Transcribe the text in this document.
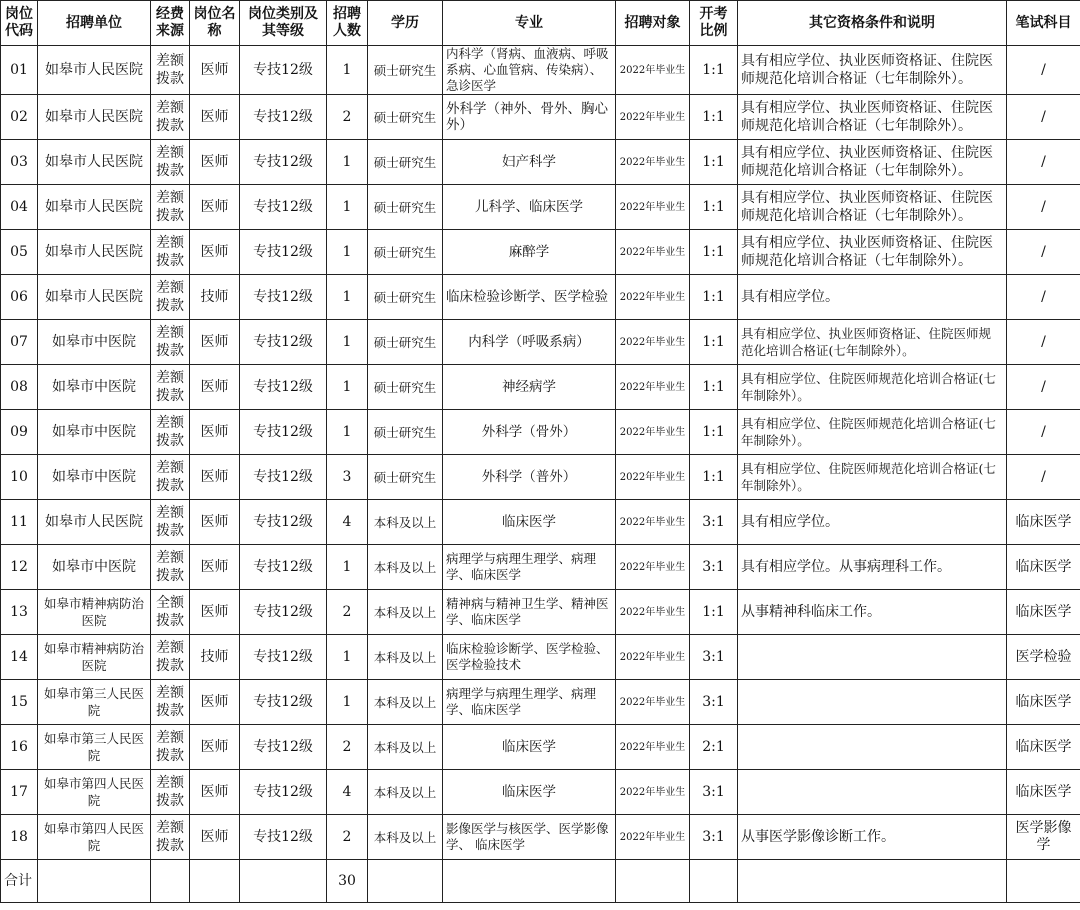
岗位代码	招聘单位	经费来源	岗位名称	岗位类别及其等级	招聘人数	学历	专业	招聘对象	开考比例	其它资格条件和说明	笔试科目
01	如皋市人民医院	差额拨款	医师	专技12级	1	硕士研究生	内科学（肾病、血液病、呼吸系病、心血管病、传染病）、急诊医学	2022年毕业生	1:1	具有相应学位、执业医师资格证、住院医师规范化培训合格证（七年制除外）。	/
02	如皋市人民医院	差额拨款	医师	专技12级	2	硕士研究生	外科学（神外、骨外、胸心外）	2022年毕业生	1:1	具有相应学位、执业医师资格证、住院医师规范化培训合格证（七年制除外）。	/
03	如皋市人民医院	差额拨款	医师	专技12级	1	硕士研究生	妇产科学	2022年毕业生	1:1	具有相应学位、执业医师资格证、住院医师规范化培训合格证（七年制除外）。	/
04	如皋市人民医院	差额拨款	医师	专技12级	1	硕士研究生	儿科学、临床医学	2022年毕业生	1:1	具有相应学位、执业医师资格证、住院医师规范化培训合格证（七年制除外）。	/
05	如皋市人民医院	差额拨款	医师	专技12级	1	硕士研究生	麻醉学	2022年毕业生	1:1	具有相应学位、执业医师资格证、住院医师规范化培训合格证（七年制除外）。	/
06	如皋市人民医院	差额拨款	技师	专技12级	1	硕士研究生	临床检验诊断学、医学检验	2022年毕业生	1:1	具有相应学位。	/
07	如皋市中医院	差额拨款	医师	专技12级	1	硕士研究生	内科学（呼吸系病）	2022年毕业生	1:1	具有相应学位、执业医师资格证、住院医师规范化培训合格证(七年制除外）。	/
08	如皋市中医院	差额拨款	医师	专技12级	1	硕士研究生	神经病学	2022年毕业生	1:1	具有相应学位、住院医师规范化培训合格证(七年制除外）。	/
09	如皋市中医院	差额拨款	医师	专技12级	1	硕士研究生	外科学（骨外）	2022年毕业生	1:1	具有相应学位、住院医师规范化培训合格证(七年制除外）。	/
10	如皋市中医院	差额拨款	医师	专技12级	3	硕士研究生	外科学（普外）	2022年毕业生	1:1	具有相应学位、住院医师规范化培训合格证(七年制除外）。	/
11	如皋市人民医院	差额拨款	医师	专技12级	4	本科及以上	临床医学	2022年毕业生	3:1	具有相应学位。	临床医学
12	如皋市中医院	差额拨款	医师	专技12级	1	本科及以上	病理学与病理生理学、病理学、临床医学	2022年毕业生	3:1	具有相应学位。从事病理科工作。	临床医学
13	如皋市精神病防治医院	全额拨款	医师	专技12级	2	本科及以上	精神病与精神卫生学、精神医学、临床医学	2022年毕业生	1:1	从事精神科临床工作。	临床医学
14	如皋市精神病防治医院	差额拨款	技师	专技12级	1	本科及以上	临床检验诊断学、医学检验、医学检验技术	2022年毕业生	3:1		医学检验
15	如皋市第三人民医院	差额拨款	医师	专技12级	1	本科及以上	病理学与病理生理学、病理学、临床医学	2022年毕业生	3:1		临床医学
16	如皋市第三人民医院	差额拨款	医师	专技12级	2	本科及以上	临床医学	2022年毕业生	2:1		临床医学
17	如皋市第四人民医院	差额拨款	医师	专技12级	4	本科及以上	临床医学	2022年毕业生	3:1		临床医学
18	如皋市第四人民医院	差额拨款	医师	专技12级	2	本科及以上	影像医学与核医学、医学影像学、 临床医学	2022年毕业生	3:1	从事医学影像诊断工作。	医学影像学
合计					30						
